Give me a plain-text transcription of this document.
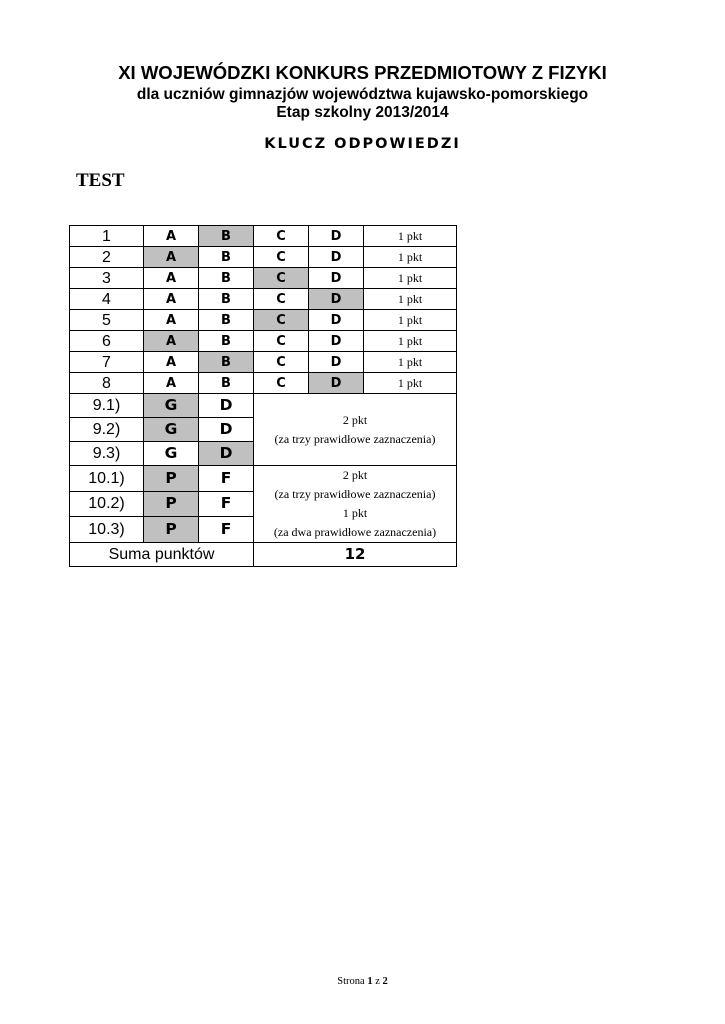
XI WOJEWÓDZKI KONKURS PRZEDMIOTOWY Z FIZYKI
dla uczniów gimnazjów województwa kujawsko-pomorskiego
Etap szkolny 2013/2014
KLUCZ ODPOWIEDZI
TEST
1	A	B	C	D	1 pkt
2	A	B	C	D	1 pkt
3	A	B	C	D	1 pkt
4	A	B	C	D	1 pkt
5	A	B	C	D	1 pkt
6	A	B	C	D	1 pkt
7	A	B	C	D	1 pkt
8	A	B	C	D	1 pkt
9.1)	G	D	2 pkt
(za trzy prawidłowe zaznaczenia)		

9.2)	G	D			
9.3)	G	D			
10.1)	P	F	2 pkt
(za trzy prawidłowe zaznaczenia)
1 pkt
(za dwa prawidłowe zaznaczenia)		

10.2)	P	F			
10.3)	P	F			
Suma punktów			12		
Strona 1 z 2
